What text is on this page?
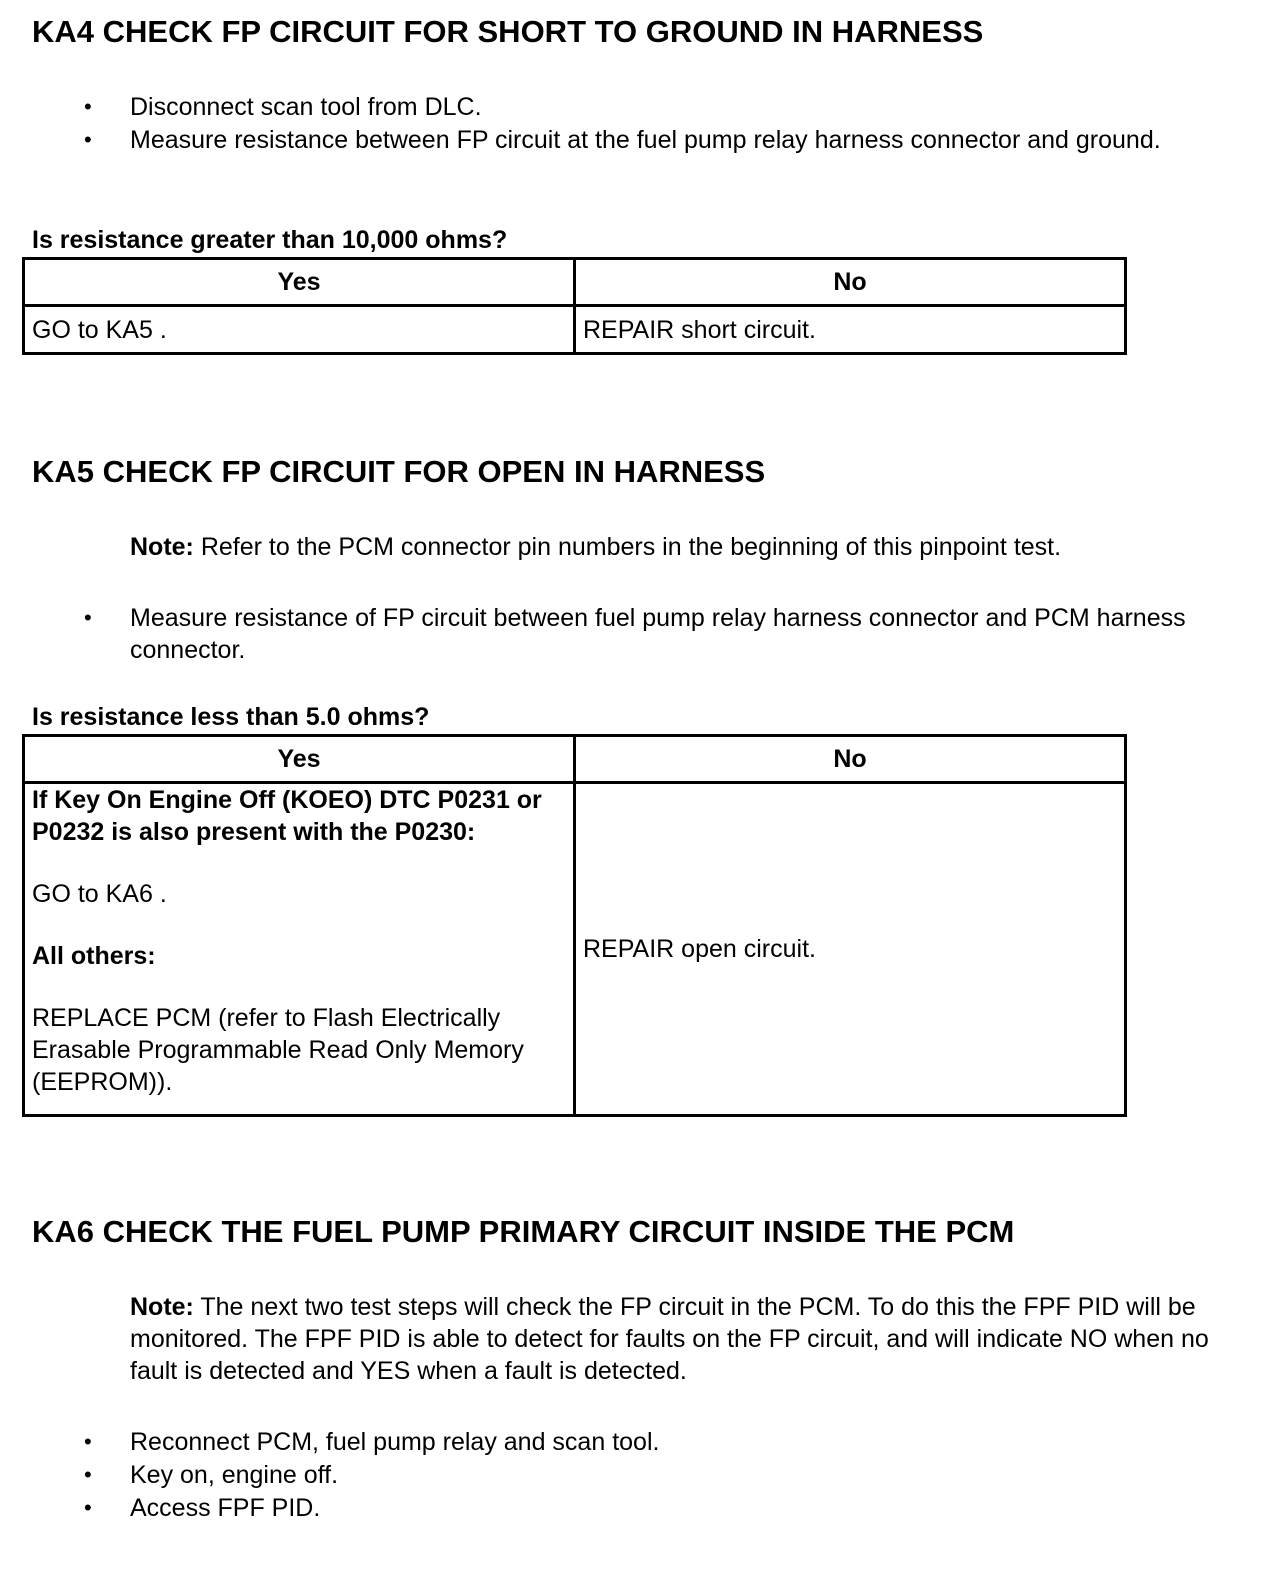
KA4 CHECK FP CIRCUIT FOR SHORT TO GROUND IN HARNESS
• Disconnect scan tool from DLC.
• Measure resistance between FP circuit at the fuel pump relay harness connector and ground.

Is resistance greater than 10,000 ohms?

Yes	No
GO to KA5 .	REPAIR short circuit.
KA5 CHECK FP CIRCUIT FOR OPEN IN HARNESS

Note: Refer to the PCM connector pin numbers in the beginning of this pinpoint test.

• Measure resistance of FP circuit between fuel pump relay harness connector and PCM harness connector.

Is resistance less than 5.0 ohms?

Yes	No

If Key On Engine Off (KOEO) DTC P0231 or P0232 is also present with the P0230:

GO to KA6 .

All others:

REPLACE PCM (refer to Flash Electrically Erasable Programmable Read Only Memory (EEPROM)).	REPAIR open circuit.
KA6 CHECK THE FUEL PUMP PRIMARY CIRCUIT INSIDE THE PCM

Note: The next two test steps will check the FP circuit in the PCM. To do this the FPF PID will be monitored. The FPF PID is able to detect for faults on the FP circuit, and will indicate NO when no fault is detected and YES when a fault is detected.

• Reconnect PCM, fuel pump relay and scan tool.
• Key on, engine off.
• Access FPF PID.
